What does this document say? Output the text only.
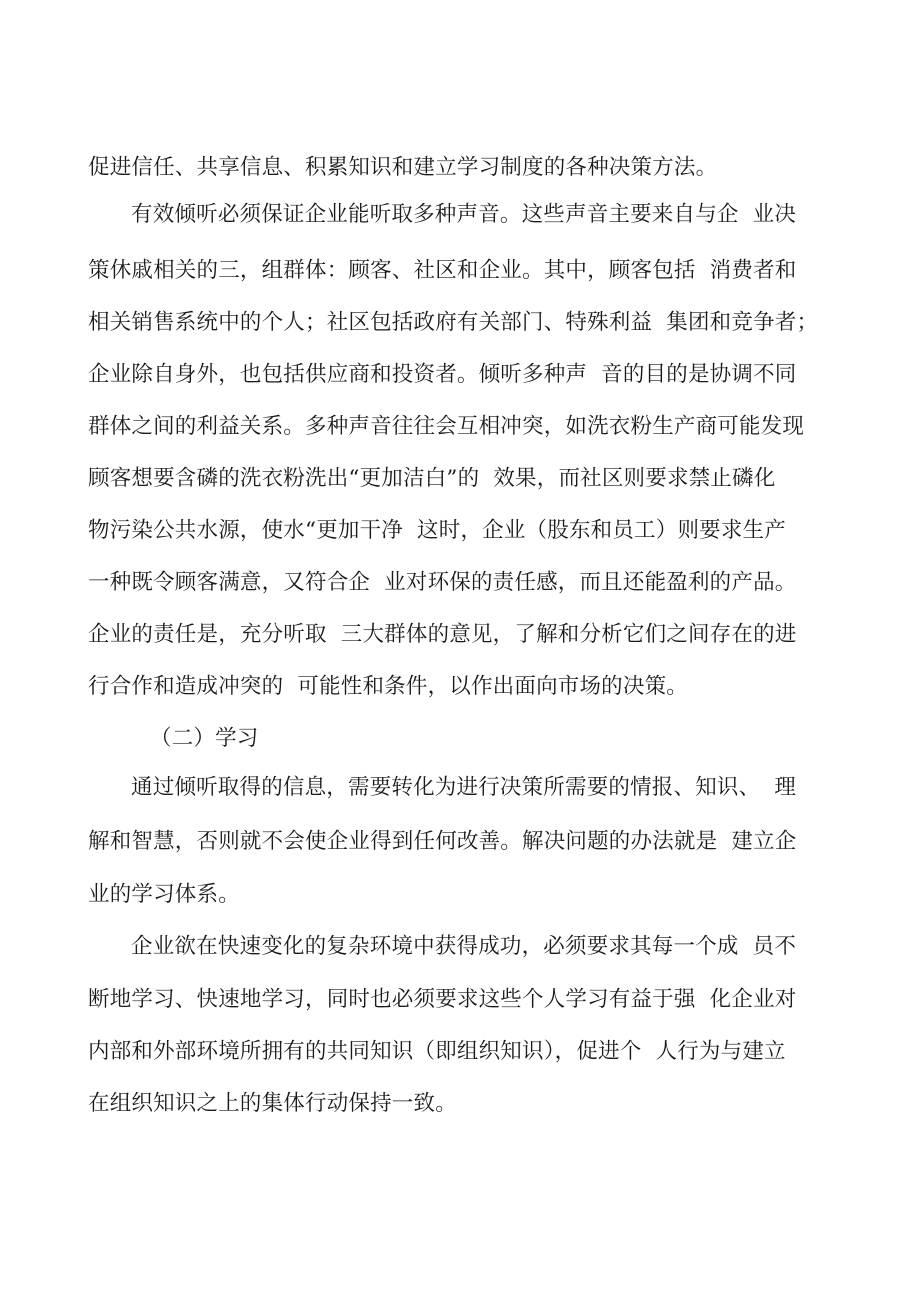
促进信任、共享信息、积累知识和建立学习制度的各种决策方法。
有效倾听必须保证企业能听取多种声音。这些声音主要来自与企  业决
策休戚相关的三，组群体：顾客、社区和企业。其中，顾客包括  消费者和
相关销售系统中的个人；社区包括政府有关部门、特殊利益  集团和竞争者；
企业除自身外，也包括供应商和投资者。倾听多种声  音的目的是协调不同
群体之间的利益关系。多种声音往往会互相冲突，如洗衣粉生产商可能发现
顾客想要含磷的洗衣粉洗出“更加洁白”的  效果，而社区则要求禁止磷化
物污染公共水源，使水“更加干净  这时，企业（股东和员工）则要求生产
一种既令顾客满意，又符合企  业对环保的责任感，而且还能盈利的产品。
企业的责任是，充分听取  三大群体的意见，了解和分析它们之间存在的进
行合作和造成冲突的  可能性和条件，以作出面向市场的决策。
（二）学习
通过倾听取得的信息，需要转化为进行决策所需要的情报、知识、  理
解和智慧，否则就不会使企业得到任何改善。解决问题的办法就是  建立企
业的学习体系。
企业欲在快速变化的复杂环境中获得成功，必须要求其每一个成  员不
断地学习、快速地学习，同时也必须要求这些个人学习有益于强  化企业对
内部和外部环境所拥有的共同知识（即组织知识），促进个  人行为与建立
在组织知识之上的集体行动保持一致。
